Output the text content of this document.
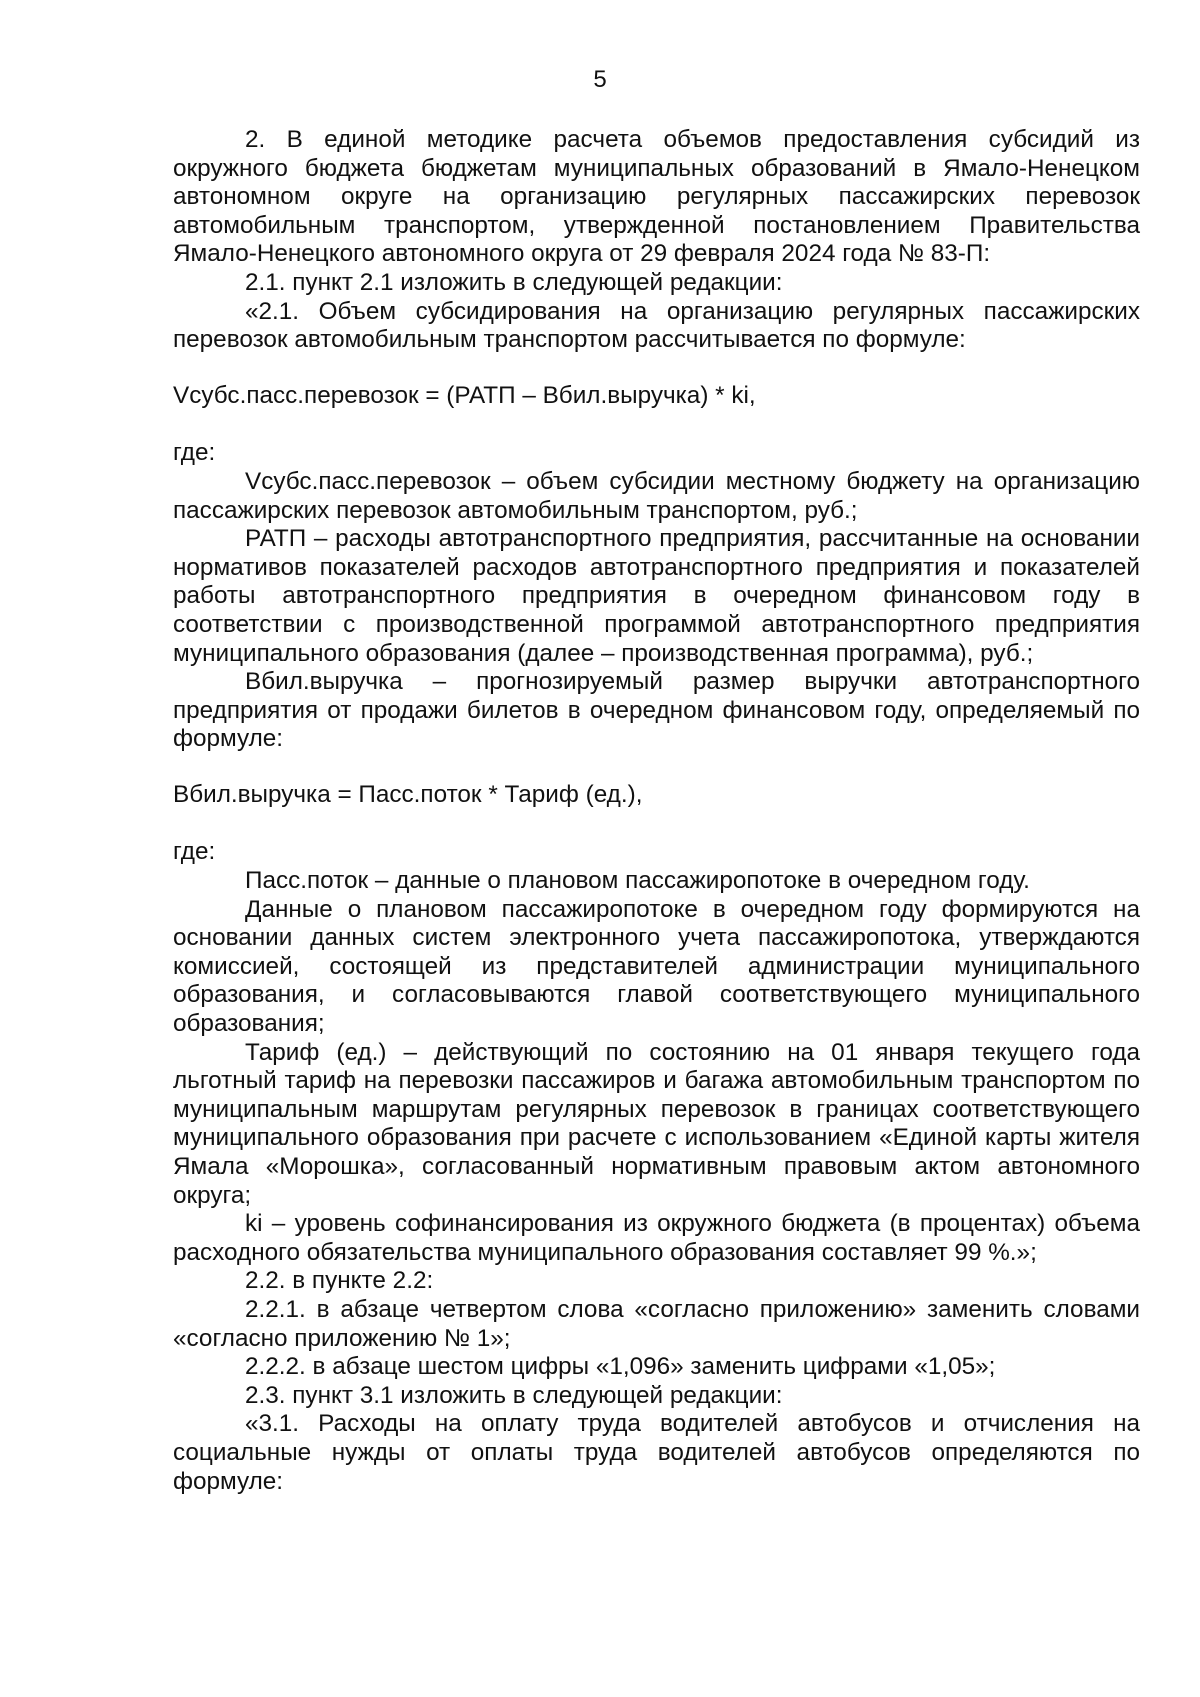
5

2. В единой методике расчета объемов предоставления субсидий из окружного бюджета бюджетам муниципальных образований в Ямало-Ненецком автономном округе на организацию регулярных пассажирских перевозок автомобильным транспортом, утвержденной постановлением Правительства Ямало-Ненецкого автономного округа от 29 февраля 2024 года № 83-П:

2.1. пункт 2.1 изложить в следующей редакции:

«2.1. Объем субсидирования на организацию регулярных пассажирских перевозок автомобильным транспортом рассчитывается по формуле:

Vсубс.пасс.перевозок = (РАТП – Вбил.выручка) * ki,

где:

Vсубс.пасс.перевозок – объем субсидии местному бюджету на организацию пассажирских перевозок автомобильным транспортом, руб.;

РАТП – расходы автотранспортного предприятия, рассчитанные на основании нормативов показателей расходов автотранспортного предприятия и показателей работы автотранспортного предприятия в очередном финансовом году в соответствии с производственной программой автотранспортного предприятия муниципального образования (далее – производственная программа), руб.;

Вбил.выручка – прогнозируемый размер выручки автотранспортного предприятия от продажи билетов в очередном финансовом году, определяемый по формуле:

Вбил.выручка = Пасс.поток * Тариф (ед.),

где:

Пасс.поток – данные о плановом пассажиропотоке в очередном году.

Данные о плановом пассажиропотоке в очередном году формируются на основании данных систем электронного учета пассажиропотока, утверждаются комиссией, состоящей из представителей администрации муниципального образования, и согласовываются главой соответствующего муниципального образования;

Тариф (ед.) – действующий по состоянию на 01 января текущего года льготный тариф на перевозки пассажиров и багажа автомобильным транспортом по муниципальным маршрутам регулярных перевозок в границах соответствующего муниципального образования при расчете с использованием «Единой карты жителя Ямала «Морошка», согласованный нормативным правовым актом автономного округа;

ki – уровень софинансирования из окружного бюджета (в процентах) объема расходного обязательства муниципального образования составляет 99 %.»;

2.2. в пункте 2.2:

2.2.1. в абзаце четвертом слова «согласно приложению» заменить словами «согласно приложению № 1»;

2.2.2. в абзаце шестом цифры «1,096» заменить цифрами «1,05»;

2.3. пункт 3.1 изложить в следующей редакции:

«3.1. Расходы на оплату труда водителей автобусов и отчисления на социальные нужды от оплаты труда водителей автобусов определяются по формуле:
